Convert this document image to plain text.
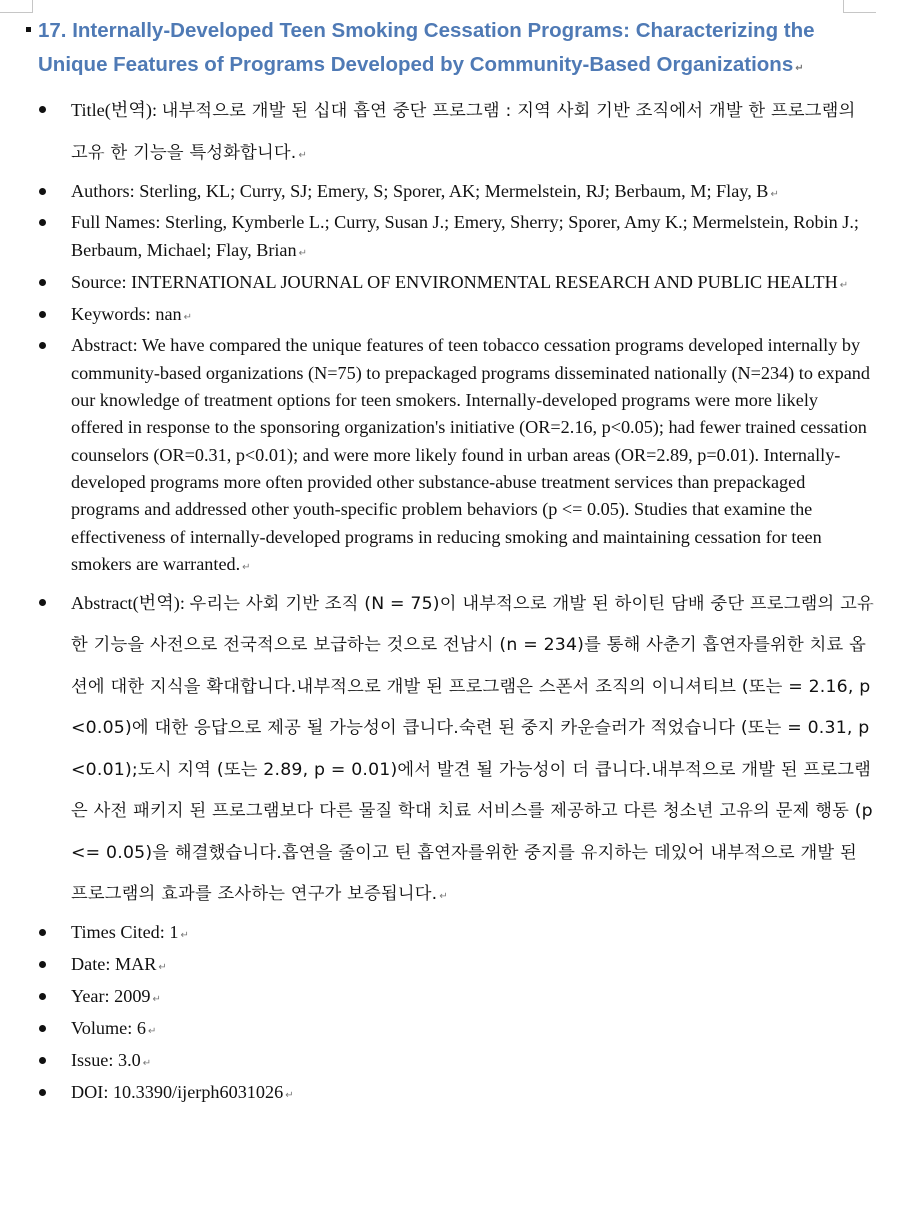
17. Internally-Developed Teen Smoking Cessation Programs: Characterizing the Unique Features of Programs Developed by Community-Based Organizations ↵
Title(번역): 내부적으로 개발 된 십대 흡연 중단 프로그램 : 지역 사회 기반 조직에서 개발 한 프로그램의 고유 한 기능을 특성화합니다. ↵
Authors: Sterling, KL; Curry, SJ; Emery, S; Sporer, AK; Mermelstein, RJ; Berbaum, M; Flay, B ↵
Full Names: Sterling, Kymberle L.; Curry, Susan J.; Emery, Sherry; Sporer, Amy K.; Mermelstein, Robin J.; Berbaum, Michael; Flay, Brian ↵
Source: INTERNATIONAL JOURNAL OF ENVIRONMENTAL RESEARCH AND PUBLIC HEALTH ↵
Keywords: nan ↵
Abstract: We have compared the unique features of teen tobacco cessation programs developed internally by community-based organizations (N=75) to prepackaged programs disseminated nationally (N=234) to expand our knowledge of treatment options for teen smokers. Internally-developed programs were more likely offered in response to the sponsoring organization's initiative (OR=2.16, p<0.05); had fewer trained cessation counselors (OR=0.31, p<0.01); and were more likely found in urban areas (OR=2.89, p=0.01). Internally-developed programs more often provided other substance-abuse treatment services than prepackaged programs and addressed other youth-specific problem behaviors (p <= 0.05). Studies that examine the effectiveness of internally-developed programs in reducing smoking and maintaining cessation for teen smokers are warranted. ↵
Abstract(번역): 우리는 사회 기반 조직 (N = 75)이 내부적으로 개발 된 하이틴 담배 중단 프로그램의 고유 한 기능을 사전으로 전국적으로 보급하는 것으로 전남시 (n = 234)를 통해 사춘기 흡연자를위한 치료 옵션에 대한 지식을 확대합니다.내부적으로 개발 된 프로그램은 스폰서 조직의 이니셔티브 (또는 = 2.16, p <0.05)에 대한 응답으로 제공 될 가능성이 큽니다.숙련 된 중지 카운슬러가 적었습니다 (또는 = 0.31, p <0.01);도시 지역 (또는 2.89, p = 0.01)에서 발견 될 가능성이 더 큽니다.내부적으로 개발 된 프로그램은 사전 패키지 된 프로그램보다 다른 물질 학대 치료 서비스를 제공하고 다른 청소년 고유의 문제 행동 (p <= 0.05)을 해결했습니다.흡연을 줄이고 틴 흡연자를위한 중지를 유지하는 데있어 내부적으로 개발 된 프로그램의 효과를 조사하는 연구가 보증됩니다. ↵
Times Cited: 1 ↵
Date: MAR ↵
Year: 2009 ↵
Volume: 6 ↵
Issue: 3.0 ↵
DOI: 10.3390/ijerph6031026 ↵
